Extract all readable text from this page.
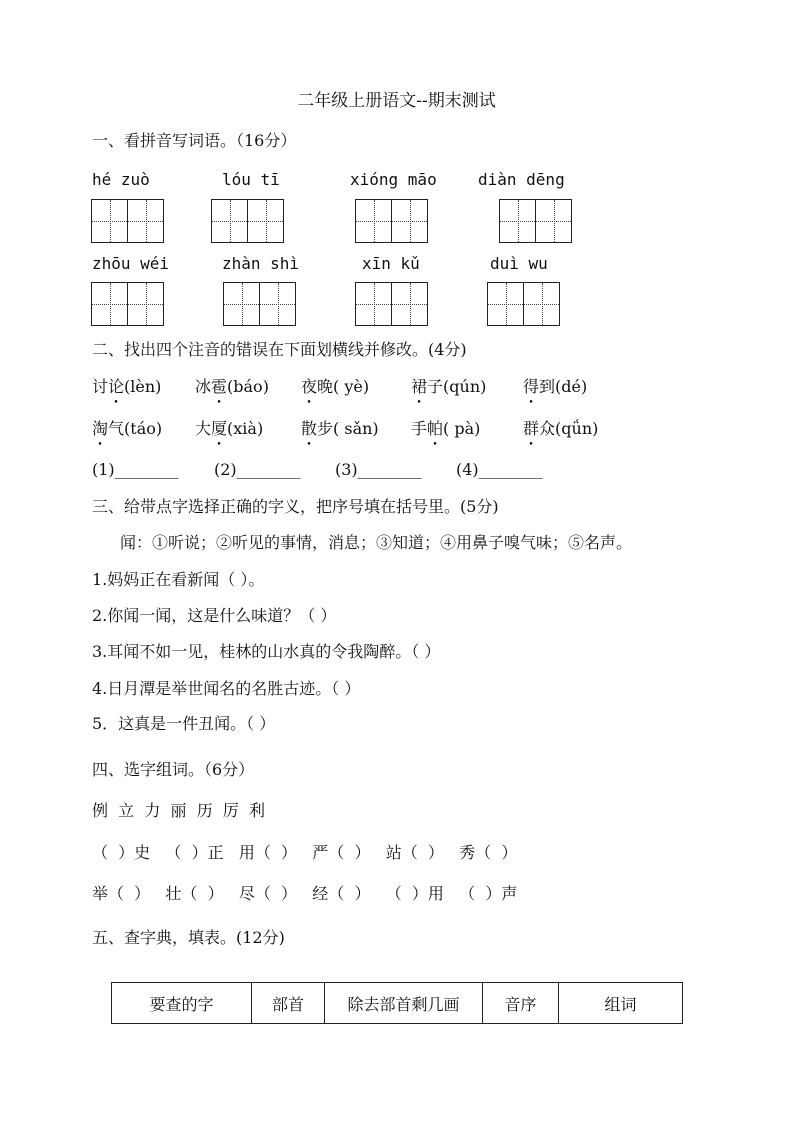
二年级上册语文--期末测试
一、看拼音写词语。（16分）
hé zuò	lóu tī	xióng māo	diàn dēng
zhōu wéi	zhàn shì	xīn kǔ	duì wu
二、找出四个注音的错误在下面划横线并修改。(4分)
讨论(lèn) 冰雹(báo) 夜晚( yè)	裙子(qún) 得到(dé)
淘气(táo) 大厦(xià) 散步( sǎn) 手帕( pà)	群众(qǘn)
(1)________ (2)________ (3)________ (4)________
三、给带点字选择正确的字义，把序号填在括号里。(5分)
闻：①听说；②听见的事情，消息；③知道；④用鼻子嗅气味；⑤名声。
1.妈妈正在看新闻（ ）。
2.你闻一闻，这是什么味道？（ ）
3.耳闻不如一见，桂林的山水真的令我陶醉。（ ）
4.日月潭是举世闻名的名胜古迹。（ ）
5．这真是一件丑闻。（ ）
四、选字组词。（6分）
例  立  力  丽  历  厉  利
（  ）史   （  ）正   用（  ）   严（  ）   站（  ）   秀（  ）
举（  ）   壮（  ）   尽（  ）   经（  ）   （  ）用   （  ）声
五、查字典，填表。(12分)
要查的字	部首	除去部首剩几画	音序	组词
